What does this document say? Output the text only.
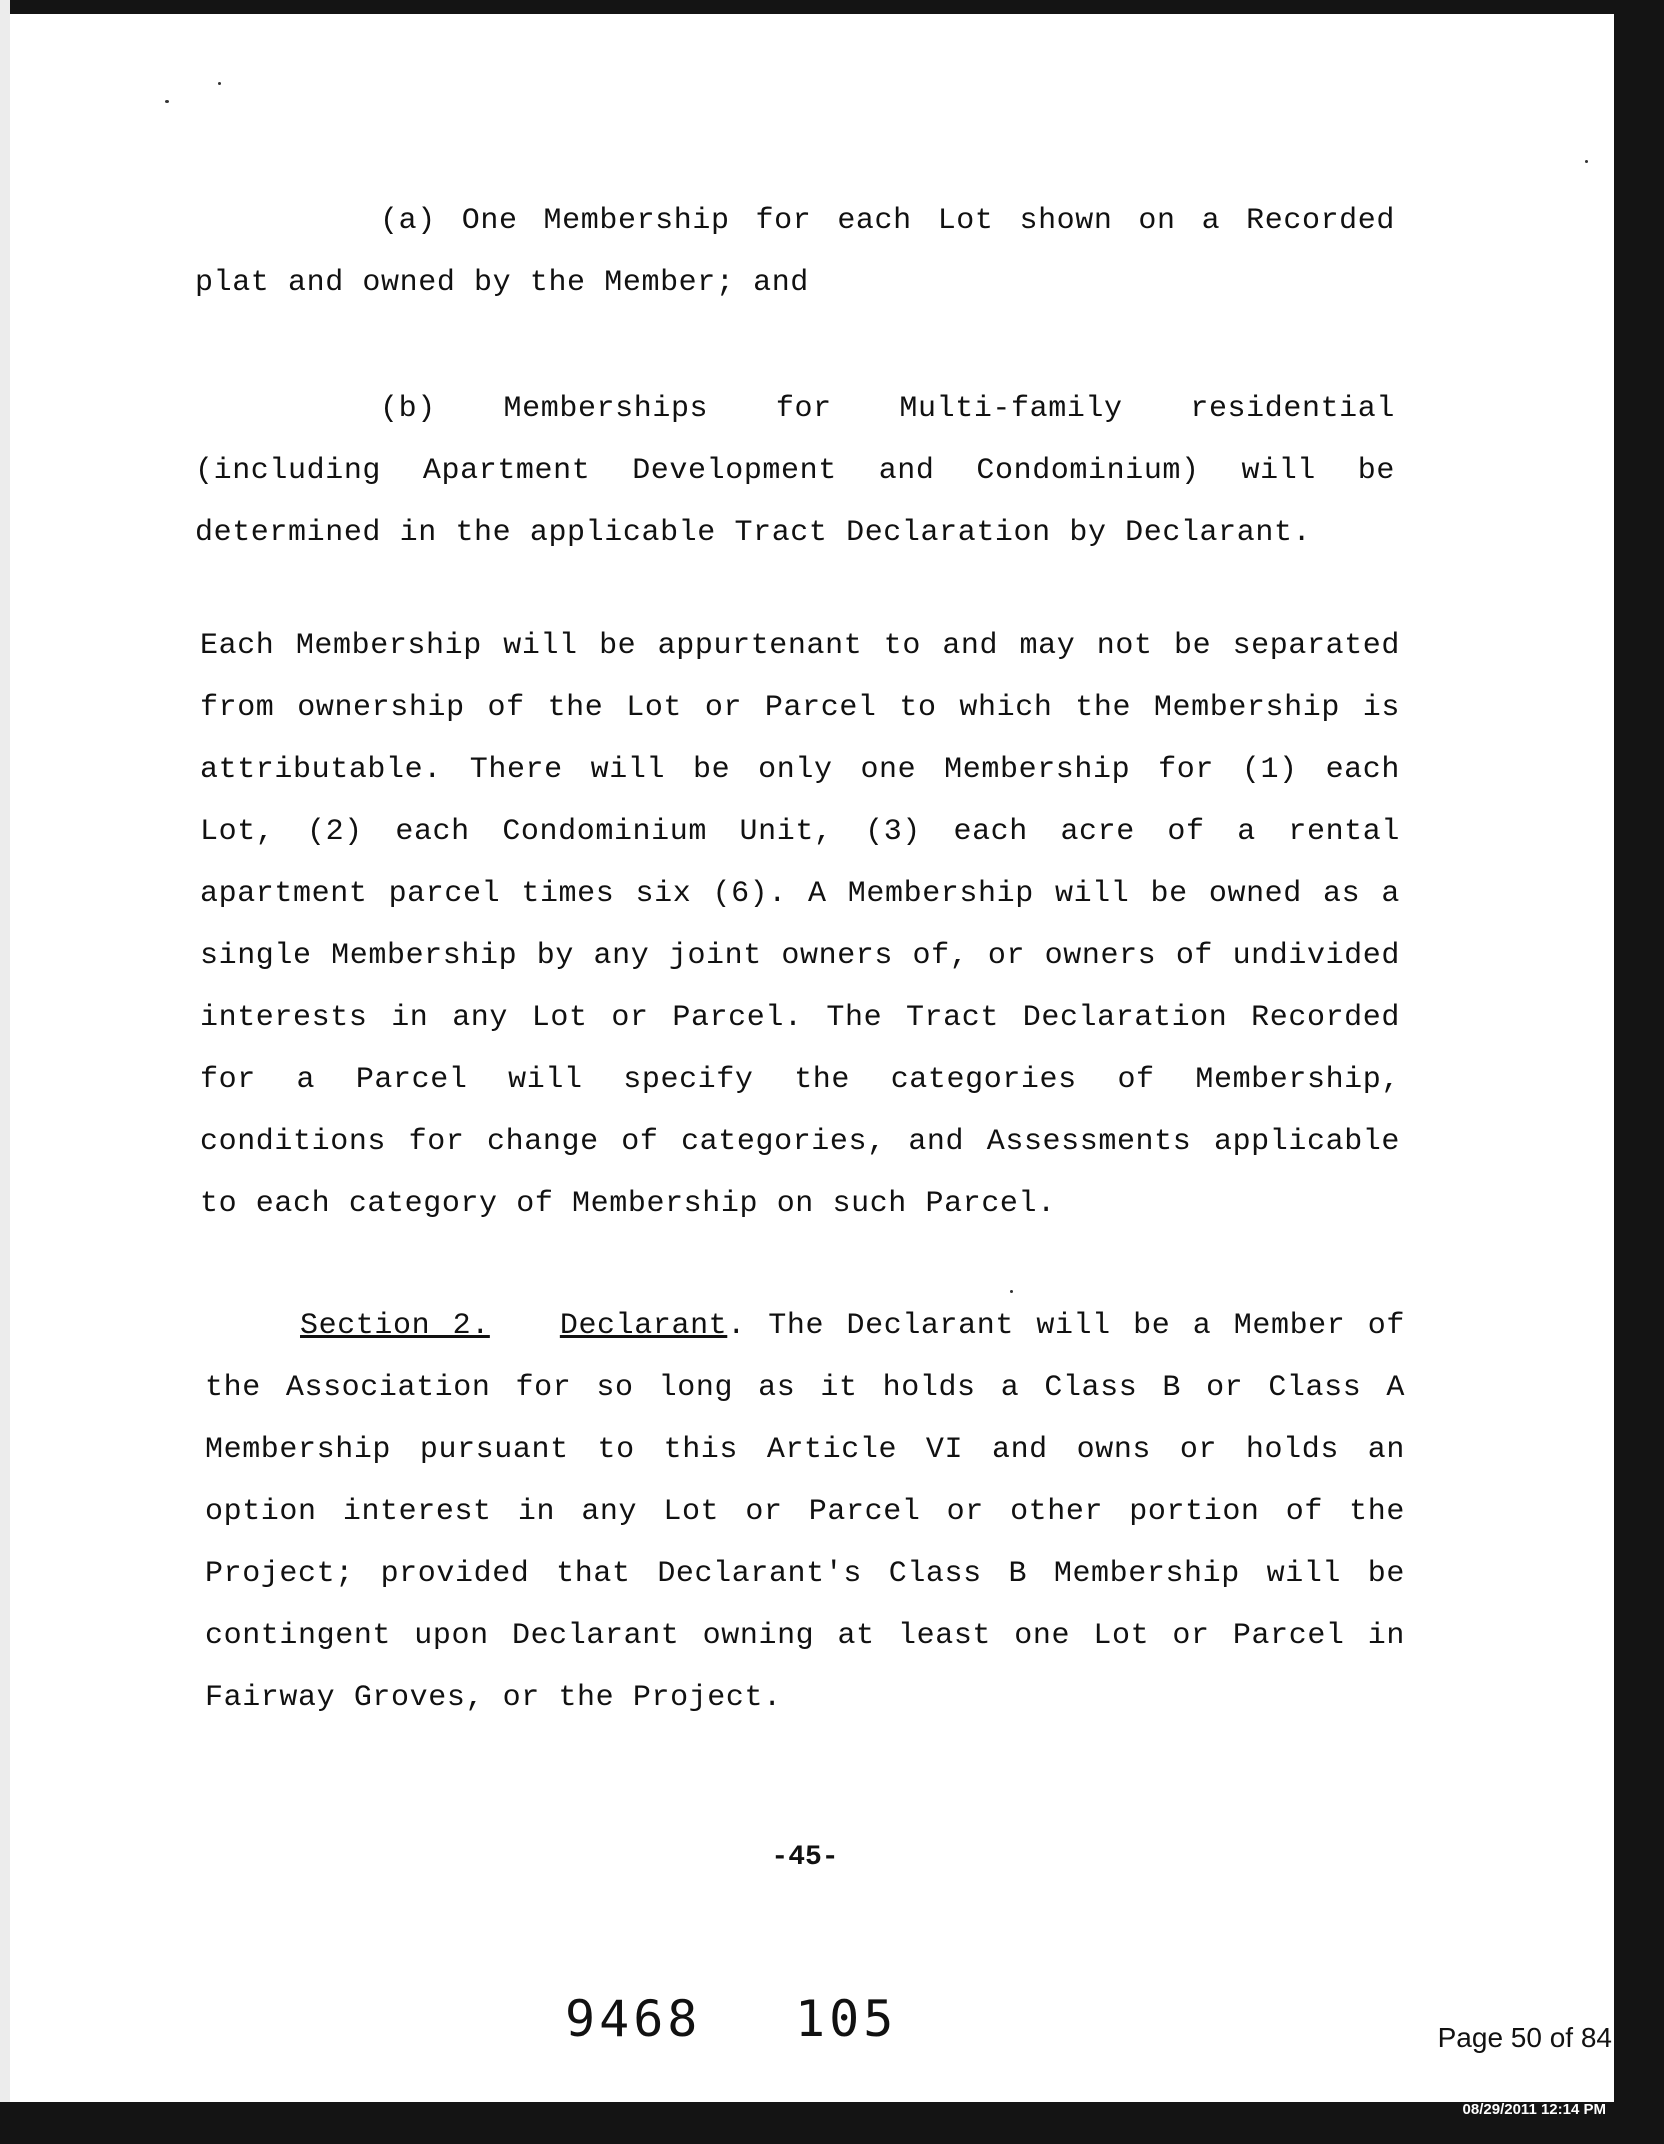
(a) One Membership for each Lot shown on a Recorded plat and owned by the Member; and

(b) Memberships for Multi-family residential (including Apartment Development and Condominium) will be determined in the applicable Tract Declaration by Declarant.

Each Membership will be appurtenant to and may not be separated from ownership of the Lot or Parcel to which the Membership is attributable. There will be only one Membership for (1) each Lot, (2) each Condominium Unit, (3) each acre of a rental apartment parcel times six (6). A Membership will be owned as a single Membership by any joint owners of, or owners of undivided interests in any Lot or Parcel. The Tract Declaration Recorded for a Parcel will specify the categories of Membership, conditions for change of categories, and Assessments applicable to each category of Membership on such Parcel.

Section 2. Declarant. The Declarant will be a Member of the Association for so long as it holds a Class B or Class A Membership pursuant to this Article VI and owns or holds an option interest in any Lot or Parcel or other portion of the Project; provided that Declarant's Class B Membership will be contingent upon Declarant owning at least one Lot or Parcel in Fairway Groves, or the Project.

-45-
9468 105	Page 50 of 84
08/29/2011 12:14 PM
